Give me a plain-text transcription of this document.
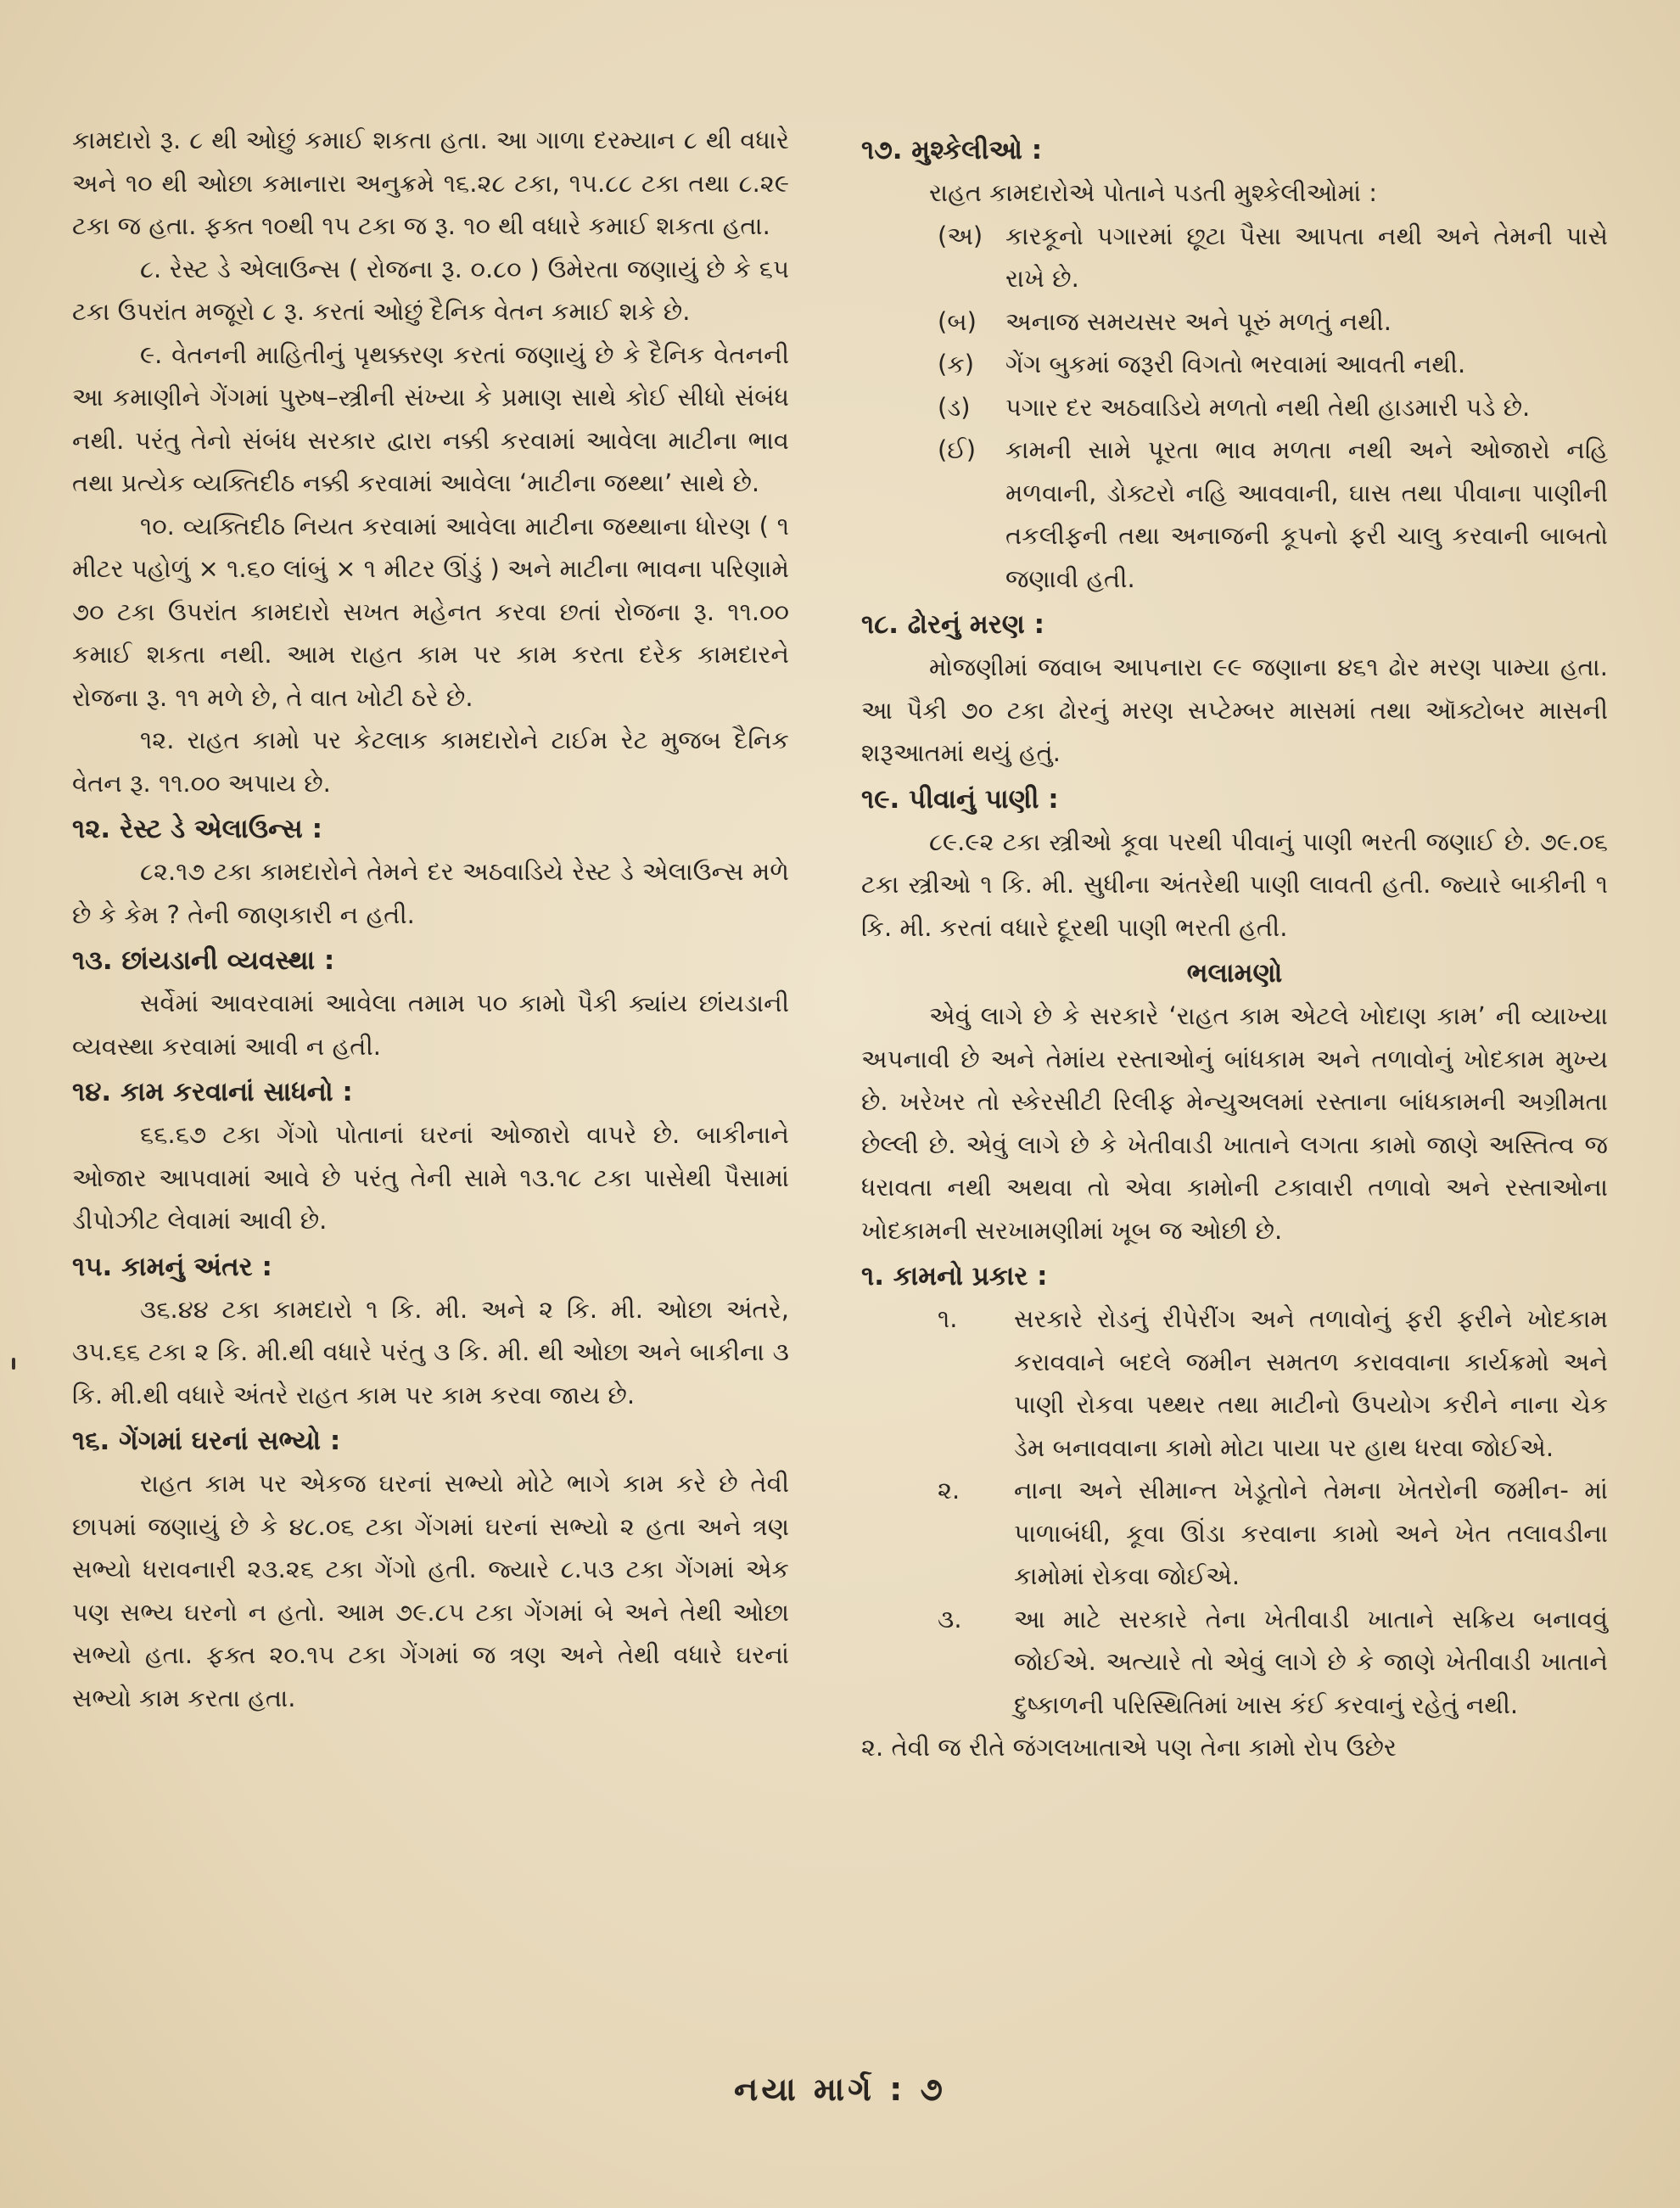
કામદારો રૂ. ૮ થી ઓછું કમાઈ શકતા હતા. આ ગાળા દરમ્યાન ૮ થી વધારે અને ૧૦ થી ઓછા કમાનારા અનુક્રમે ૧૬.૨૮ ટકા, ૧૫.૮૮ ટકા તથા ૮.૨૯ ટકા જ હતા. ફક્ત ૧૦થી ૧૫ ટકા જ રૂ. ૧૦ થી વધારે કમાઈ શકતા હતા.

૮. રેસ્ટ ડે એલાઉન્સ ( રોજના રૂ. ૦.૮૦ ) ઉમેરતા જણાયું છે કે ૬૫ ટકા ઉપરાંત મજૂરો ૮ રૂ. કરતાં ઓછું દૈનિક વેતન કમાઈ શકે છે.

૯. વેતનની માહિતીનું પૃથક્કરણ કરતાં જણાયું છે કે દૈનિક વેતનની આ કમાણીને ગેંગમાં પુરુષ–સ્ત્રીની સંખ્યા કે પ્રમાણ સાથે કોઈ સીધો સંબંધ નથી. પરંતુ તેનો સંબંધ સરકાર દ્વારા નક્કી કરવામાં આવેલા માટીના ભાવ તથા પ્રત્યેક વ્યક્તિદીઠ નક્કી કરવામાં આવેલા ‘માટીના જથ્થા’ સાથે છે.

૧૦. વ્યક્તિદીઠ નિયત કરવામાં આવેલા માટીના જથ્થાના ધોરણ ( ૧ મીટર પહોળું × ૧.૬૦ લાંબું × ૧ મીટર ઊંડું ) અને માટીના ભાવના પરિણામે ૭૦ ટકા ઉપરાંત કામદારો સખત મહેનત કરવા છતાં રોજના રૂ. ૧૧.૦૦ કમાઈ શકતા નથી. આમ રાહત કામ પર કામ કરતા દરેક કામદારને રોજના રૂ. ૧૧ મળે છે, તે વાત ખોટી ઠરે છે.

૧૨. રાહત કામો પર કેટલાક કામદારોને ટાઈમ રેટ મુજબ દૈનિક વેતન રૂ. ૧૧.૦૦ અપાય છે.

૧૨. રેસ્ટ ડે એલાઉન્સ :

૮૨.૧૭ ટકા કામદારોને તેમને દર અઠવાડિયે રેસ્ટ ડે એલાઉન્સ મળે છે કે કેમ ? તેની જાણકારી ન હતી.

૧૩. છાંયડાની વ્યવસ્થા :

સર્વેમાં આવરવામાં આવેલા તમામ ૫૦ કામો પૈકી ક્યાંય છાંયડાની વ્યવસ્થા કરવામાં આવી ન હતી.

૧૪. કામ કરવાનાં સાધનો :

૬૬.૬૭ ટકા ગેંગો પોતાનાં ઘરનાં ઓજારો વાપરે છે. બાકીનાને ઓજાર આપવામાં આવે છે પરંતુ તેની સામે ૧૩.૧૮ ટકા પાસેથી પૈસામાં ડીપોઝીટ લેવામાં આવી છે.

૧૫. કામનું અંતર :

૩૬.૪૪ ટકા કામદારો ૧ કિ. મી. અને ૨ કિ. મી. ઓછા અંતરે, ૩૫.૬૬ ટકા ૨ કિ. મી.થી વધારે પરંતુ ૩ કિ. મી. થી ઓછા અને બાકીના ૩ કિ. મી.થી વધારે અંતરે રાહત કામ પર કામ કરવા જાય છે.

૧૬. ગેંગમાં ઘરનાં સભ્યો :

રાહત કામ પર એકજ ઘરનાં સભ્યો મોટે ભાગે કામ કરે છે તેવી છાપમાં જણાયું છે કે ૪૮.૦૬ ટકા ગેંગમાં ઘરનાં સભ્યો ૨ હતા અને ત્રણ સભ્યો ધરાવનારી ૨૩.૨૬ ટકા ગેંગો હતી. જ્યારે ૮.૫૩ ટકા ગેંગમાં એક પણ સભ્ય ઘરનો ન હતો. આમ ૭૯.૮૫ ટકા ગેંગમાં બે અને તેથી ઓછા સભ્યો હતા. ફક્ત ૨૦.૧૫ ટકા ગેંગમાં જ ત્રણ અને તેથી વધારે ઘરનાં સભ્યો કામ કરતા હતા.

૧૭. મુશ્કેલીઓ :

રાહત કામદારોએ પોતાને પડતી મુશ્કેલીઓમાં :

(અ) કારકૂનો પગારમાં છૂટા પૈસા આપતા નથી અને તેમની પાસે રાખે છે.
(બ)	અનાજ સમયસર અને પૂરું મળતું નથી.
(ક)	ગેંગ બુકમાં જરૂરી વિગતો ભરવામાં આવતી નથી.
(ડ)	પગાર દર અઠવાડિયે મળતો નથી તેથી હાડમારી પડે છે.
(ઈ)	કામની સામે પૂરતા ભાવ મળતા નથી અને ઓજારો નહિ મળવાની, ડોક્ટરો નહિ આવવાની, ઘાસ તથા પીવાના પાણીની તકલીફની તથા અનાજની કૂપનો ફરી ચાલુ કરવાની બાબતો જણાવી હતી.
૧૮. ઢોરનું મરણ :

મોજણીમાં જવાબ આપનારા ૯૯ જણાના ૪૬૧ ઢોર મરણ પામ્યા હતા. આ પૈકી ૭૦ ટકા ઢોરનું મરણ સપ્ટેમ્બર માસમાં તથા ઑક્ટોબર માસની શરૂઆતમાં થયું હતું.

૧૯. પીવાનું પાણી :

૮૯.૯૨ ટકા સ્ત્રીઓ કૂવા પરથી પીવાનું પાણી ભરતી જણાઈ છે. ૭૯.૦૬ ટકા સ્ત્રીઓ ૧ કિ. મી. સુધીના અંતરેથી પાણી લાવતી હતી. જ્યારે બાકીની ૧ કિ. મી. કરતાં વધારે દૂરથી પાણી ભરતી હતી.

ભલામણો

એવું લાગે છે કે સરકારે ‘રાહત કામ એટલે ખોદાણ કામ’ ની વ્યાખ્યા અપનાવી છે અને તેમાંય રસ્તાઓનું બાંધકામ અને તળાવોનું ખોદકામ મુખ્ય છે. ખરેખર તો સ્કેરસીટી રિલીફ મેન્યુઅલમાં રસ્તાના બાંધકામની અગ્રીમતા છેલ્લી છે. એવું લાગે છે કે ખેતીવાડી ખાતાને લગતા કામો જાણે અસ્તિત્વ જ ધરાવતા નથી અથવા તો એવા કામોની ટકાવારી તળાવો અને રસ્તાઓના ખોદકામની સરખામણીમાં ખૂબ જ ઓછી છે.

૧. કામનો પ્રકાર :
૧.	સરકારે રોડનું રીપેરીંગ અને તળાવોનું ફરી ફરીને ખોદકામ કરાવવાને બદલે જમીન સમતળ કરાવવાના કાર્યક્રમો અને પાણી રોકવા પથ્થર તથા માટીનો ઉપયોગ કરીને નાના ચેક ડેમ બનાવવાના કામો મોટા પાયા પર હાથ ધરવા જોઈએ.
૨.	નાના અને સીમાન્ત ખેડૂતોને તેમના ખેતરોની જમીન- માં પાળાબંધી, કૂવા ઊંડા કરવાના કામો અને ખેત તલાવડીના કામોમાં રોકવા જોઈએ.
૩.	આ માટે સરકારે તેના ખેતીવાડી ખાતાને સક્રિય બનાવવું જોઈએ. અત્યારે તો એવું લાગે છે કે જાણે ખેતીવાડી ખાતાને દુષ્કાળની પરિસ્થિતિમાં ખાસ કંઈ કરવાનું રહેતું નથી.

૨. તેવી જ રીતે જંગલખાતાએ પણ તેના કામો રોપ ઉછેર

નયા માર્ગ : ૭
